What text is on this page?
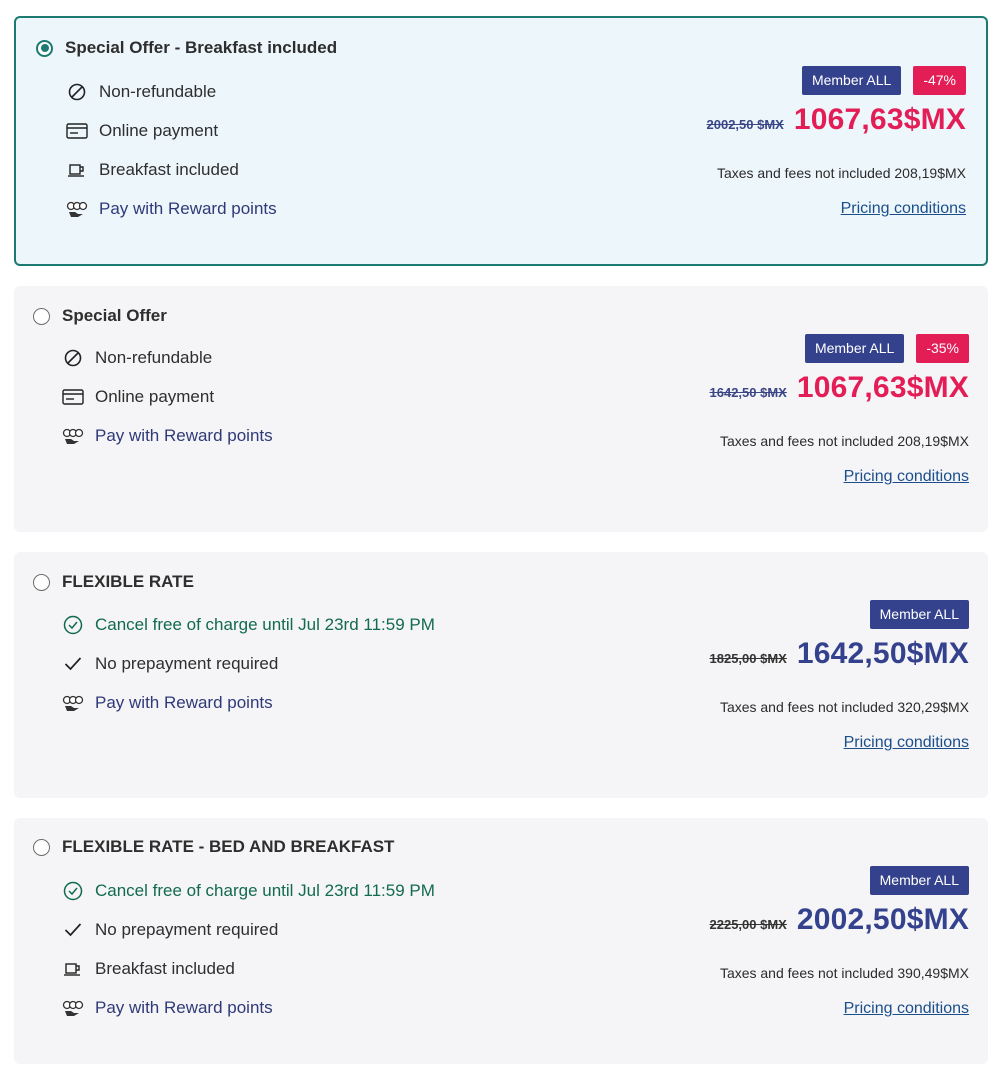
Special Offer - Breakfast included
Non-refundable
Online payment
Breakfast included
Pay with Reward points
Member ALL	-47%
2002,50 $MX 1067,63$MX
Taxes and fees not included 208,19$MX
Pricing conditions
Special Offer
Non-refundable
Online payment
Pay with Reward points
Member ALL	-35%
1642,50 $MX 1067,63$MX
Taxes and fees not included 208,19$MX
Pricing conditions
FLEXIBLE RATE
Cancel free of charge until Jul 23rd 11:59 PM
No prepayment required
Pay with Reward points
Member ALL
1825,00 $MX 1642,50$MX
Taxes and fees not included 320,29$MX
Pricing conditions
FLEXIBLE RATE - BED AND BREAKFAST
Cancel free of charge until Jul 23rd 11:59 PM
No prepayment required
Breakfast included
Pay with Reward points
Member ALL
2225,00 $MX 2002,50$MX
Taxes and fees not included 390,49$MX
Pricing conditions
